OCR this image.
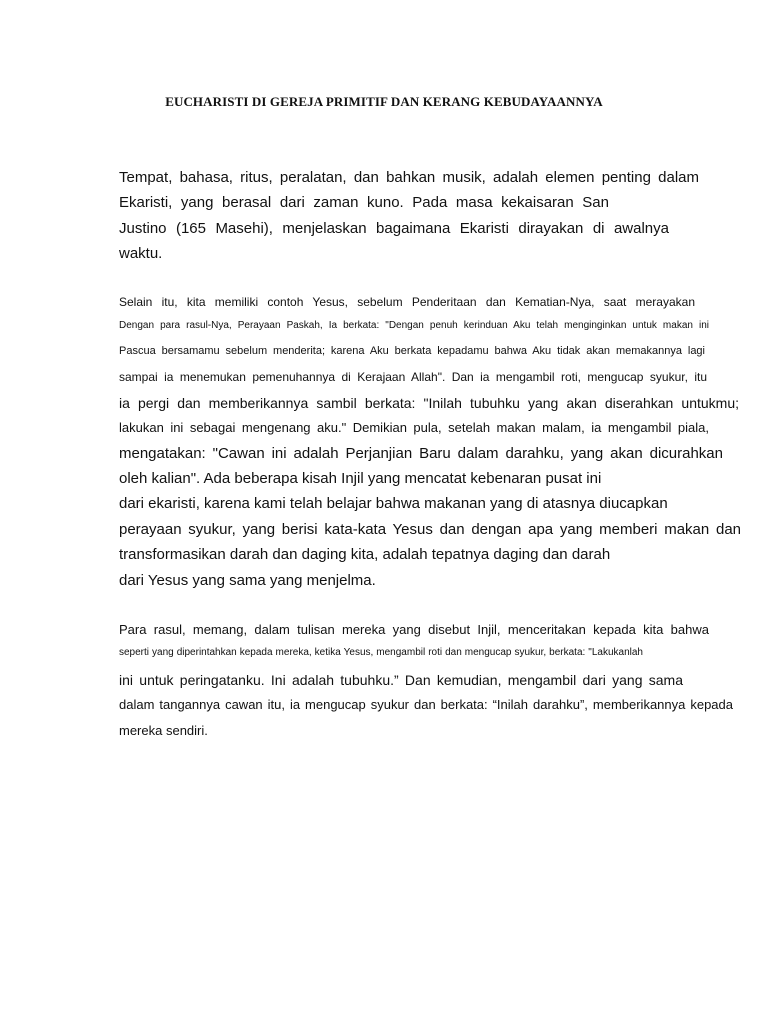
EUCHARISTI DI GEREJA PRIMITIF DAN KERANG KEBUDAYAANNYA
Tempat, bahasa, ritus, peralatan, dan bahkan musik, adalah elemen penting dalam
Ekaristi, yang berasal dari zaman kuno. Pada masa kekaisaran San
Justino (165 Masehi), menjelaskan bagaimana Ekaristi dirayakan di awalnya
waktu.
Selain itu, kita memiliki contoh Yesus, sebelum Penderitaan dan Kematian-Nya, saat merayakan
Dengan para rasul-Nya, Perayaan Paskah, Ia berkata: "Dengan penuh kerinduan Aku telah menginginkan untuk makan ini
Pascua bersamamu sebelum menderita; karena Aku berkata kepadamu bahwa Aku tidak akan memakannya lagi
sampai ia menemukan pemenuhannya di Kerajaan Allah". Dan ia mengambil roti, mengucap syukur, itu
ia pergi dan memberikannya sambil berkata: "Inilah tubuhku yang akan diserahkan untukmu;
lakukan ini sebagai mengenang aku." Demikian pula, setelah makan malam, ia mengambil piala,
mengatakan: "Cawan ini adalah Perjanjian Baru dalam darahku, yang akan dicurahkan
oleh kalian". Ada beberapa kisah Injil yang mencatat kebenaran pusat ini
dari ekaristi, karena kami telah belajar bahwa makanan yang di atasnya diucapkan
perayaan syukur, yang berisi kata-kata Yesus dan dengan apa yang memberi makan dan
transformasikan darah dan daging kita, adalah tepatnya daging dan darah
dari Yesus yang sama yang menjelma.
Para rasul, memang, dalam tulisan mereka yang disebut Injil, menceritakan kepada kita bahwa
seperti yang diperintahkan kepada mereka, ketika Yesus, mengambil roti dan mengucap syukur, berkata: "Lakukanlah
ini untuk peringatanku. Ini adalah tubuhku.” Dan kemudian, mengambil dari yang sama
dalam tangannya cawan itu, ia mengucap syukur dan berkata: “Inilah darahku”, memberikannya kepada
mereka sendiri.
